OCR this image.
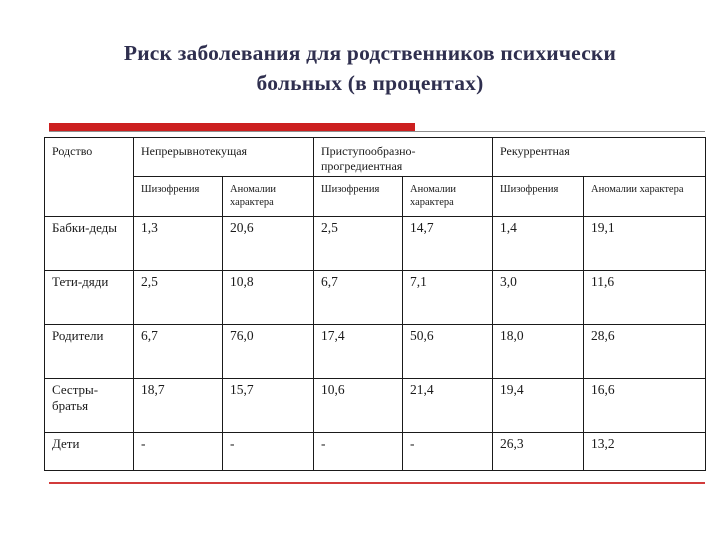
Риск заболевания для родственников психически
больных (в процентах)
Родство	Непрерывнотекущая		Приступообразно-прогредиентная		Рекуррентная	
	Шизофрения	Аномалии характера	Шизофрения	Аномалии характера	Шизофрения	Аномалии характера
Бабки-деды	1,3	20,6	2,5	14,7	1,4	19,1
Тети-дяди	2,5	10,8	6,7	7,1	3,0	11,6
Родители	6,7	76,0	17,4	50,6	18,0	28,6
Сестры-братья	18,7	15,7	10,6	21,4	19,4	16,6
Дети	-	-	-	-	26,3	13,2
